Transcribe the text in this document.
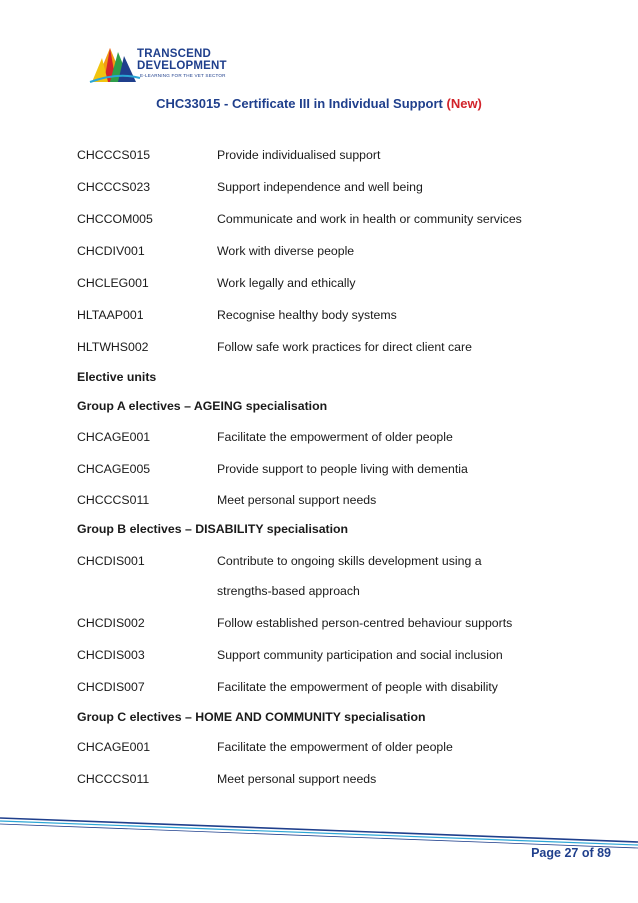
TRANSCEND
DEVELOPMENT
E-LEARNING FOR THE VET SECTOR
CHC33015 - Certificate III in Individual Support (New)
CHCCCS015	Provide individualised support
CHCCCS023	Support independence and well being
CHCCOM005	Communicate and work in health or community services
CHCDIV001	Work with diverse people
CHCLEG001	Work legally and ethically
HLTAAP001	Recognise healthy body systems
HLTWHS002	Follow safe work practices for direct client care
Elective units
Group A electives – AGEING specialisation
CHCAGE001	Facilitate the empowerment of older people
CHCAGE005	Provide support to people living with dementia
CHCCCS011	Meet personal support needs
Group B electives – DISABILITY specialisation
CHCDIS001	Contribute to ongoing skills development using a
strengths-based approach
CHCDIS002	Follow established person-centred behaviour supports
CHCDIS003	Support community participation and social inclusion
CHCDIS007	Facilitate the empowerment of people with disability
Group C electives – HOME AND COMMUNITY specialisation
CHCAGE001	Facilitate the empowerment of older people
CHCCCS011	Meet personal support needs
Page 27 of 89
